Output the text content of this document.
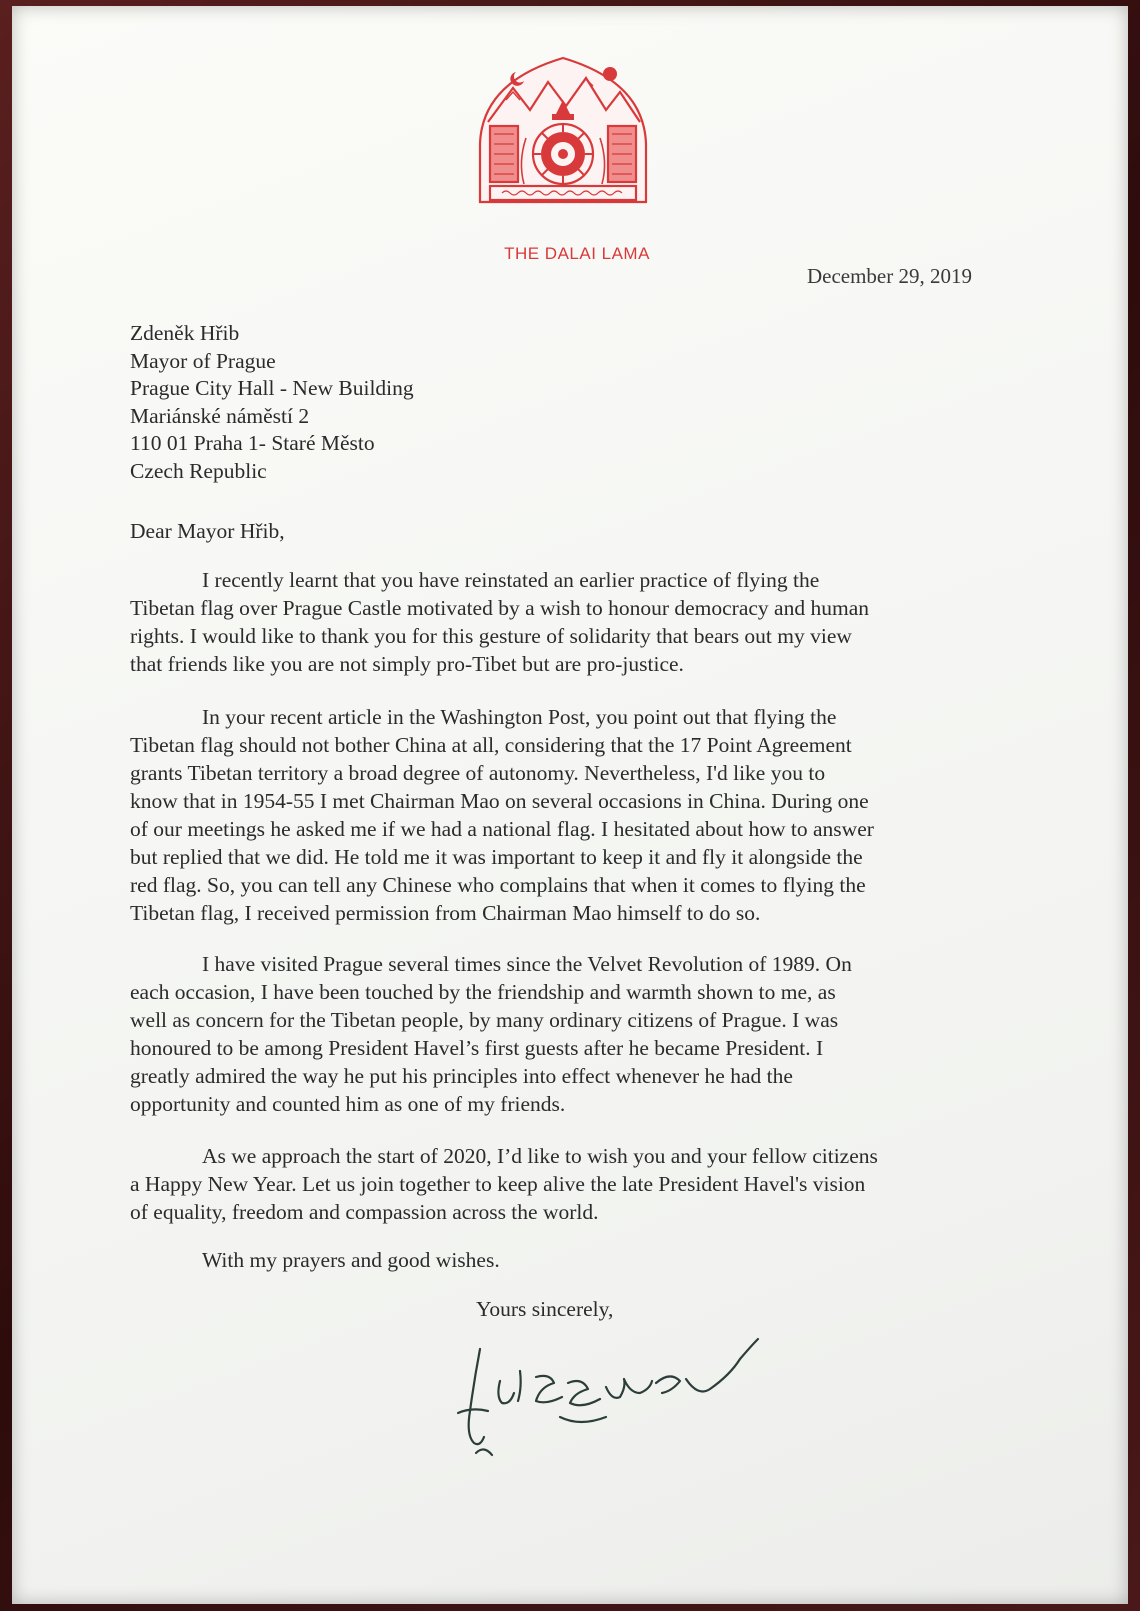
THE DALAI LAMA
December 29, 2019
Zdeněk Hřib
Mayor of Prague
Prague City Hall - New Building
Mariánské náměstí 2
110 01 Praha 1- Staré Město
Czech Republic
Dear Mayor Hřib,
I recently learnt that you have reinstated an earlier practice of flying the
Tibetan flag over Prague Castle motivated by a wish to honour democracy and human
rights. I would like to thank you for this gesture of solidarity that bears out my view
that friends like you are not simply pro-Tibet but are pro-justice.
In your recent article in the Washington Post, you point out that flying the
Tibetan flag should not bother China at all, considering that the 17 Point Agreement
grants Tibetan territory a broad degree of autonomy. Nevertheless, I'd like you to
know that in 1954-55 I met Chairman Mao on several occasions in China. During one
of our meetings he asked me if we had a national flag. I hesitated about how to answer
but replied that we did. He told me it was important to keep it and fly it alongside the
red flag. So, you can tell any Chinese who complains that when it comes to flying the
Tibetan flag, I received permission from Chairman Mao himself to do so.
I have visited Prague several times since the Velvet Revolution of 1989. On
each occasion, I have been touched by the friendship and warmth shown to me, as
well as concern for the Tibetan people, by many ordinary citizens of Prague. I was
honoured to be among President Havel’s first guests after he became President. I
greatly admired the way he put his principles into effect whenever he had the
opportunity and counted him as one of my friends.
As we approach the start of 2020, I’d like to wish you and your fellow citizens
a Happy New Year. Let us join together to keep alive the late President Havel's vision
of equality, freedom and compassion across the world.
With my prayers and good wishes.
Yours sincerely,
